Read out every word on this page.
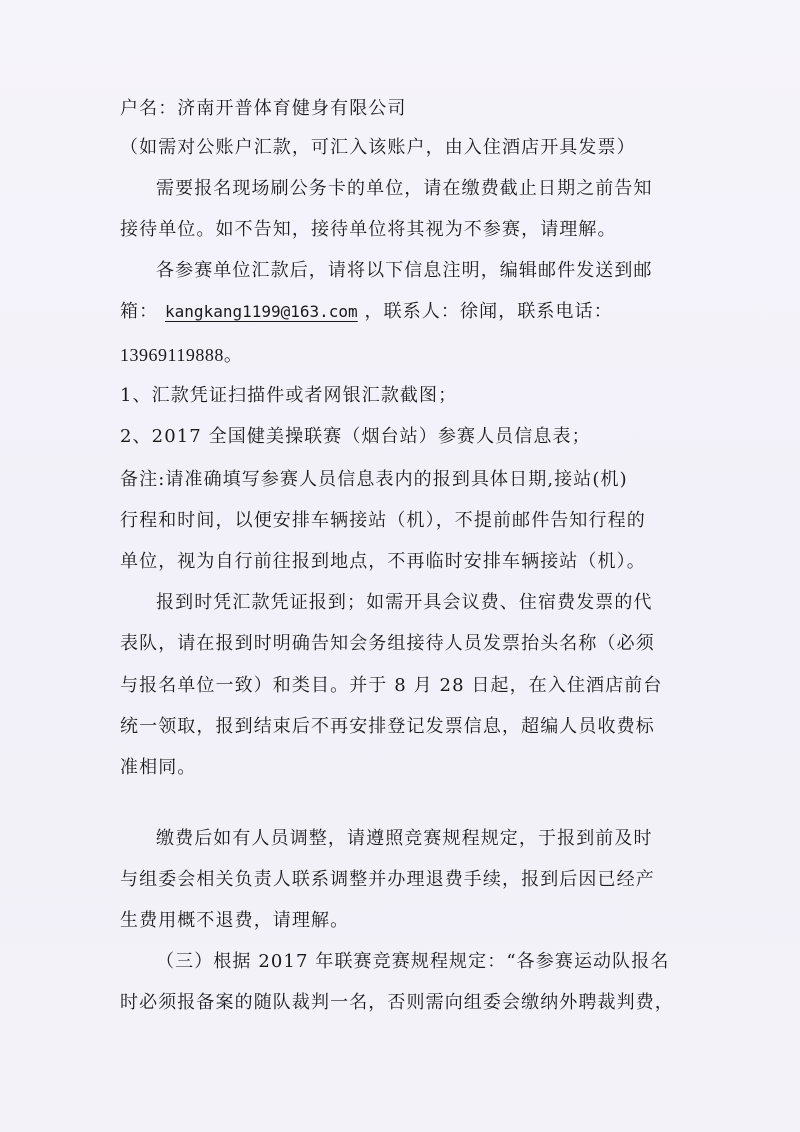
户名：济南开普体育健身有限公司
（如需对公账户汇款，可汇入该账户，由入住酒店开具发票）
需要报名现场刷公务卡的单位，请在缴费截止日期之前告知
接待单位。如不告知，接待单位将其视为不参赛，请理解。
各参赛单位汇款后，请将以下信息注明，编辑邮件发送到邮
箱： kangkang1199@163.com ，联系人：徐闻，联系电话：
13969119888。
1、汇款凭证扫描件或者网银汇款截图；
2、2017 全国健美操联赛（烟台站）参赛人员信息表；
备注:请准确填写参赛人员信息表内的报到具体日期,接站(机)
行程和时间，以便安排车辆接站（机），不提前邮件告知行程的
单位，视为自行前往报到地点，不再临时安排车辆接站（机）。
报到时凭汇款凭证报到；如需开具会议费、住宿费发票的代
表队，请在报到时明确告知会务组接待人员发票抬头名称（必须
与报名单位一致）和类目。并于 8 月 28 日起，在入住酒店前台
统一领取，报到结束后不再安排登记发票信息，超编人员收费标
准相同。
缴费后如有人员调整，请遵照竞赛规程规定，于报到前及时
与组委会相关负责人联系调整并办理退费手续，报到后因已经产
生费用概不退费，请理解。
（三）根据 2017 年联赛竞赛规程规定：“各参赛运动队报名
时必须报备案的随队裁判一名，否则需向组委会缴纳外聘裁判费，
